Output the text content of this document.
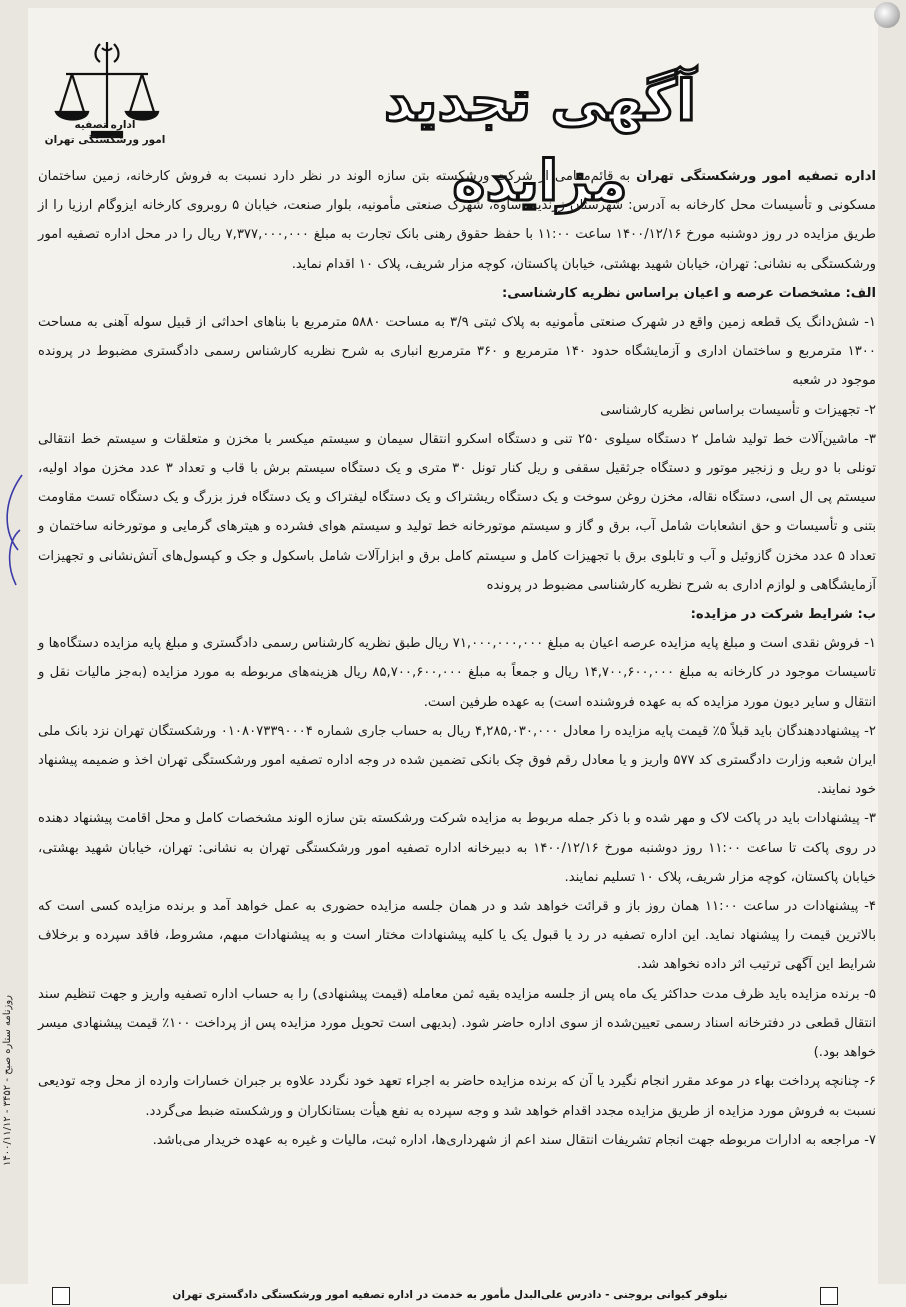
اداره تصفیه
امور ورشکستگی تهران
آگهی تجدید مزایده اداره تصفیه امور ورشکستگی تهران به قائم‌مقامی از شرکت ورشکسته بتن سازه الوند در نظر دارد نسبت به فروش کارخانه، زمین ساختمان مسکونی و تأسیسات محل کارخانه به آدرس: شهرستان زرندیه، ساوه، شهرک صنعتی مأمونیه، بلوار صنعت، خیابان ۵ روبروی کارخانه ایزوگام ارزیا را از طریق مزایده در روز دوشنبه مورخ ۱۴۰۰/۱۲/۱۶ ساعت ۱۱:۰۰ با حفظ حقوق رهنی بانک تجارت به مبلغ ۷,۳۷۷,۰۰۰,۰۰۰ ریال را در محل اداره تصفیه امور ورشکستگی به نشانی: تهران، خیابان شهید بهشتی، خیابان پاکستان، کوچه مزار شریف، پلاک ۱۰ اقدام نماید.

الف: مشخصات عرصه و اعیان براساس نظریه کارشناسی:

۱- شش‌دانگ یک قطعه زمین واقع در شهرک صنعتی مأمونیه به پلاک ثبتی ۳/۹ به مساحت ۵۸۸۰ مترمربع با بناهای احداثی از قبیل سوله آهنی به مساحت ۱۳۰۰ مترمربع و ساختمان اداری و آزمایشگاه حدود ۱۴۰ مترمربع و ۳۶۰ مترمربع انباری به شرح نظریه کارشناس رسمی دادگستری مضبوط در پرونده موجود در شعبه

۲- تجهیزات و تأسیسات براساس نظریه کارشناسی

۳- ماشین‌آلات خط تولید شامل ۲ دستگاه سیلوی ۲۵۰ تنی و دستگاه اسکرو انتقال سیمان و سیستم میکسر با مخزن و متعلقات و سیستم خط انتقالی تونلی با دو ریل و زنجیر موتور و دستگاه جرثقیل سقفی و ریل کنار تونل ۳۰ متری و یک دستگاه سیستم برش با قاب و تعداد ۳ عدد مخزن مواد اولیه، سیستم پی ال اسی، دستگاه نقاله، مخزن روغن سوخت و یک دستگاه ریشتراک و یک دستگاه لیفتراک و یک دستگاه فرز بزرگ و یک دستگاه تست مقاومت بتنی و تأسیسات و حق انشعابات شامل آب، برق و گاز و سیستم موتورخانه خط تولید و سیستم هوای فشرده و هیترهای گرمایی و موتورخانه ساختمان و تعداد ۵ عدد مخزن گازوئیل و آب و تابلوی برق با تجهیزات کامل و سیستم کامل برق و ابزارآلات شامل باسکول و جک و کپسول‌های آتش‌نشانی و تجهیزات آزمایشگاهی و لوازم اداری به شرح نظریه کارشناسی مضبوط در پرونده

ب: شرایط شرکت در مزایده:

۱- فروش نقدی است و مبلغ پایه مزایده عرصه اعیان به مبلغ ۷۱,۰۰۰,۰۰۰,۰۰۰ ریال طبق نظریه کارشناس رسمی دادگستری و مبلغ پایه مزایده دستگاه‌ها و تاسیسات موجود در کارخانه به مبلغ ۱۴,۷۰۰,۶۰۰,۰۰۰ ریال و جمعاً به مبلغ ۸۵,۷۰۰,۶۰۰,۰۰۰ ریال هزینه‌های مربوطه به مورد مزایده (به‌جز مالیات نقل و انتقال و سایر دیون مورد مزایده که به عهده فروشنده است) به عهده طرفین است.

۲- پیشنهاددهندگان باید قبلاً ۵٪ قیمت پایه مزایده را معادل ۴,۲۸۵,۰۳۰,۰۰۰ ریال به حساب جاری شماره ۰۱۰۸۰۷۳۳۹۰۰۰۴ ورشکستگان تهران نزد بانک ملی ایران شعبه وزارت دادگستری کد ۵۷۷ واریز و یا معادل رقم فوق چک بانکی تضمین شده در وجه اداره تصفیه امور ورشکستگی تهران اخذ و ضمیمه پیشنهاد خود نمایند.

۳- پیشنهادات باید در پاکت لاک و مهر شده و با ذکر جمله مربوط به مزایده شرکت ورشکسته بتن سازه الوند مشخصات کامل و محل اقامت پیشنهاد دهنده در روی پاکت تا ساعت ۱۱:۰۰ روز دوشنبه مورخ ۱۴۰۰/۱۲/۱۶ به دبیرخانه اداره تصفیه امور ورشکستگی تهران به نشانی: تهران، خیابان شهید بهشتی، خیابان پاکستان، کوچه مزار شریف، پلاک ۱۰ تسلیم نمایند.

۴- پیشنهادات در ساعت ۱۱:۰۰ همان روز باز و قرائت خواهد شد و در همان جلسه مزایده حضوری به عمل خواهد آمد و برنده مزایده کسی است که بالاترین قیمت را پیشنهاد نماید. این اداره تصفیه در رد یا قبول یک یا کلیه پیشنهادات مختار است و به پیشنهادات مبهم، مشروط، فاقد سپرده و برخلاف شرایط این آگهی ترتیب اثر داده نخواهد شد.

۵- برنده مزایده باید ظرف مدت حداکثر یک ماه پس از جلسه مزایده بقیه ثمن معامله (قیمت پیشنهادی) را به حساب اداره تصفیه واریز و جهت تنظیم سند انتقال قطعی در دفترخانه اسناد رسمی تعیین‌شده از سوی اداره حاضر شود. (بدیهی است تحویل مورد مزایده پس از پرداخت ۱۰۰٪ قیمت پیشنهادی میسر خواهد بود.)

۶- چنانچه پرداخت بهاء در موعد مقرر انجام نگیرد یا آن که برنده مزایده حاضر به اجراء تعهد خود نگردد علاوه بر جبران خسارات وارده از محل وجه تودیعی نسبت به فروش مورد مزایده از طریق مزایده مجدد اقدام خواهد شد و وجه سپرده به نفع هیأت بستانکاران و ورشکسته ضبط می‌گردد.

۷- مراجعه به ادارات مربوطه جهت انجام تشریفات انتقال سند اعم از شهرداری‌ها، اداره ثبت، مالیات و غیره به عهده خریدار می‌باشد.

روزنامه ستاره صبح - ۳۴۵۲ - ۱۴۰۰/۱۱/۱۲
نیلوفر کیوانی بروجنی - دادرس علی‌البدل مأمور به خدمت در اداره تصفیه امور ورشکستگی دادگستری تهران
